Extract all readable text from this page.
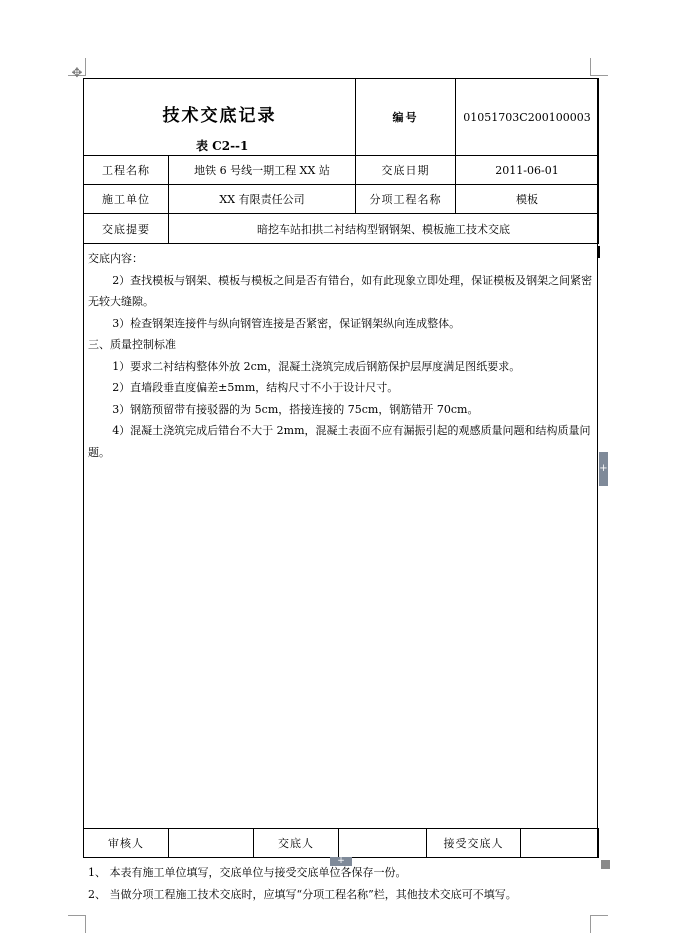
✥
技术交底记录
表 C2--1		编号	01051703C200100003
工程名称	地铁 6 号线一期工程 XX 站	交底日期	2011-06-01
施工单位	XX 有限责任公司	分项工程名称	模板
交底提要	暗挖车站扣拱二衬结构型钢钢架、模板施工技术交底		

交底内容：

2）查找模板与钢架、模板与模板之间是否有错台，如有此现象立即处理，保证模板及钢架之间紧密无较大缝隙。

3）检查钢架连接件与纵向钢管连接是否紧密，保证钢架纵向连成整体。

三、质量控制标准

1）要求二衬结构整体外放 2cm，混凝土浇筑完成后钢筋保护层厚度满足图纸要求。

2）直墙段垂直度偏差±5mm，结构尺寸不小于设计尺寸。

3）钢筋预留带有接驳器的为 5cm，搭接连接的 75cm，钢筋错开 70cm。

4）混凝土浇筑完成后错台不大于 2mm，混凝土表面不应有漏振引起的观感质量问题和结构质量问题。

+
审核人		交底人		接受交底人	
+

1、 本表有施工单位填写，交底单位与接受交底单位各保存一份。

2、 当做分项工程施工技术交底时，应填写“分项工程名称”栏，其他技术交底可不填写。
